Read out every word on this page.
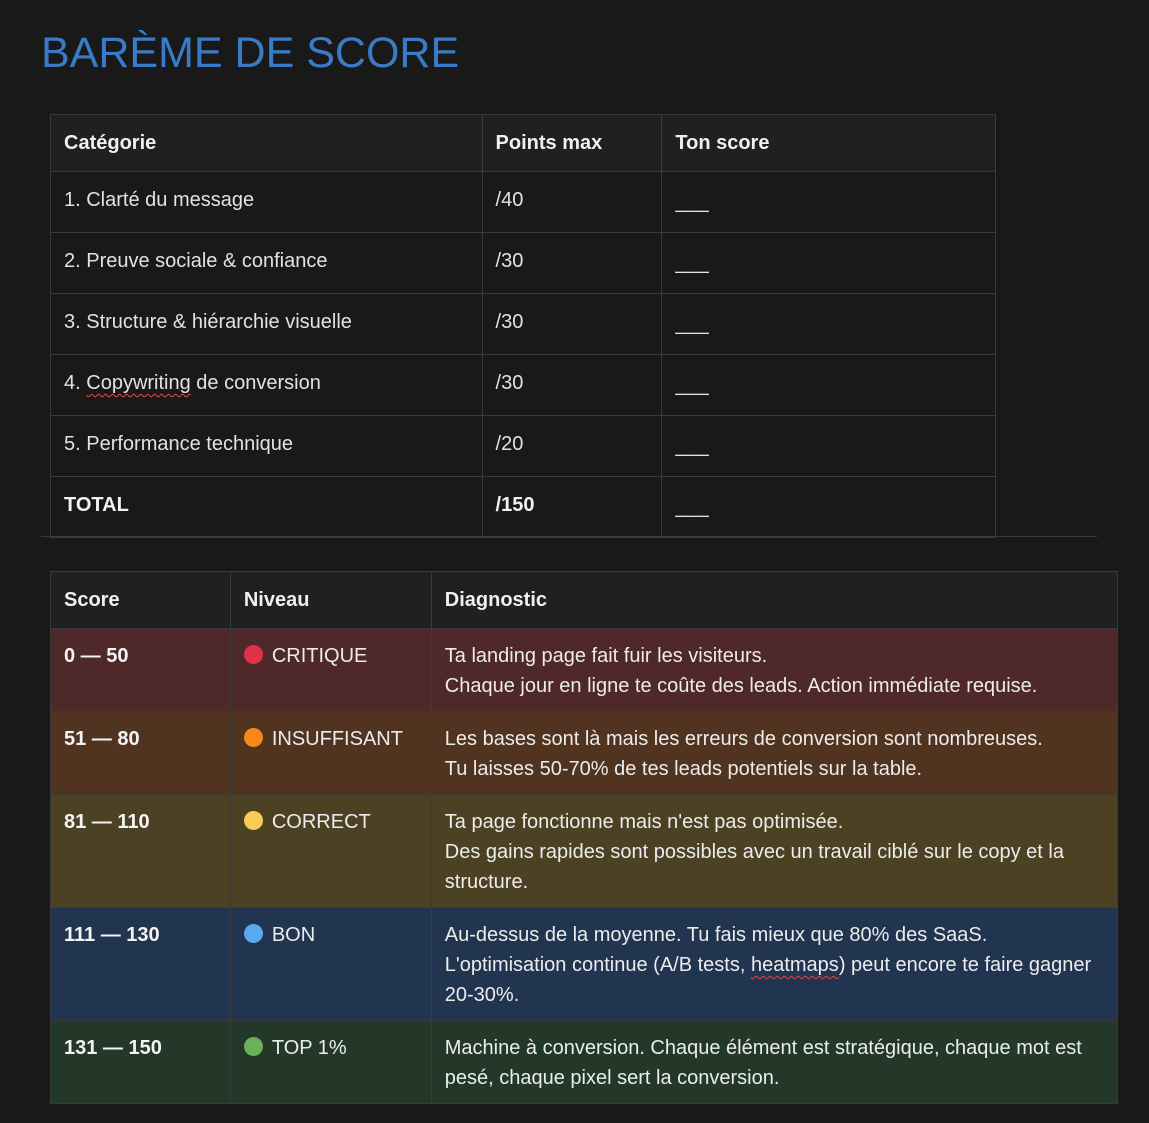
BARÈME DE SCORE
Catégorie	Points max	Ton score
1. Clarté du message	/40	___
2. Preuve sociale & confiance	/30	___
3. Structure & hiérarchie visuelle	/30	___
4. Copywriting de conversion	/30	___
5. Performance technique	/20	___
TOTAL	/150	___
Score	Niveau	Diagnostic
0 — 50	CRITIQUE	Ta landing page fait fuir les visiteurs.
Chaque jour en ligne te coûte des leads. Action immédiate requise.

51 — 80	INSUFFISANT	Les bases sont là mais les erreurs de conversion sont nombreuses.
Tu laisses 50-70% de tes leads potentiels sur la table.

81 — 110	CORRECT	Ta page fonctionne mais n'est pas optimisée.
Des gains rapides sont possibles avec un travail ciblé sur le copy et la structure.

111 — 130	BON	Au-dessus de la moyenne. Tu fais mieux que 80% des SaaS.
L'optimisation continue (A/B tests, heatmaps) peut encore te faire gagner 20-30%.

131 — 150	TOP 1%	Machine à conversion. Chaque élément est stratégique, chaque mot est pesé, chaque pixel sert la conversion.
